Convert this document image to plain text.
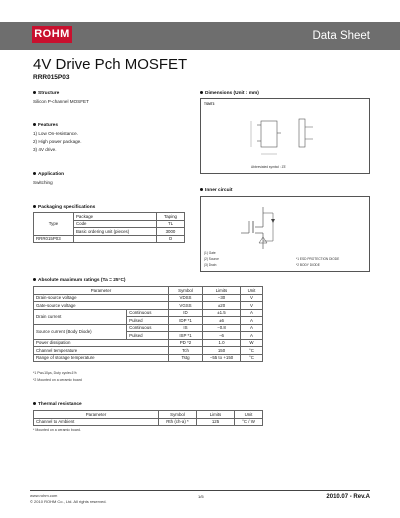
ROHM	Data Sheet
4V Drive Pch MOSFET
RRR015P03
Structure
Silicon P-channel MOSFET
Features
1) Low On-resistance.
2) High power package.
3) 4V drive.
Application
Switching
Dimensions (Unit : mm)
TSMT3
Abbreviated symbol : ZE
Inner circuit
(1) Gate
(2) Source
(3) Drain
*1 ESD PROTECTION DIODE
*2 BODY DIODE
Packaging specifications
Type	Package	Taping
	Code	TL
	Basic ordering unit (pieces)	3000
RRR015P03		O
Absolute maximum ratings (Ta = 25°C)
Parameter		Symbol	Limits	Unit
Drain-source voltage		VDSS	−30	V
Gate-source voltage		VGSS	±20	V
Drain current	Continuous	ID	±1.5	A
	Pulsed	IDP *1	±6	A
Source current (Body Diode)	Continuous	IS	−0.8	A
	Pulsed	ISP *1	−6	A
Power dissipation		PD *2	1.0	W
Channel temperature		Tch	150	°C
Range of storage temperature		Tstg	−55 to +150	°C
*1 Pw≤10μs, Duty cycle≤1%
*2 Mounted on a ceramic board
Thermal resistance
Parameter	Symbol	Limits	Unit
Channel to Ambient	Rth (ch-a) *	125	°C / W
* Mounted on a ceramic board.
www.rohm.com
© 2010 ROHM Co., Ltd. All rights reserved.
1/5	2010.07 - Rev.A
